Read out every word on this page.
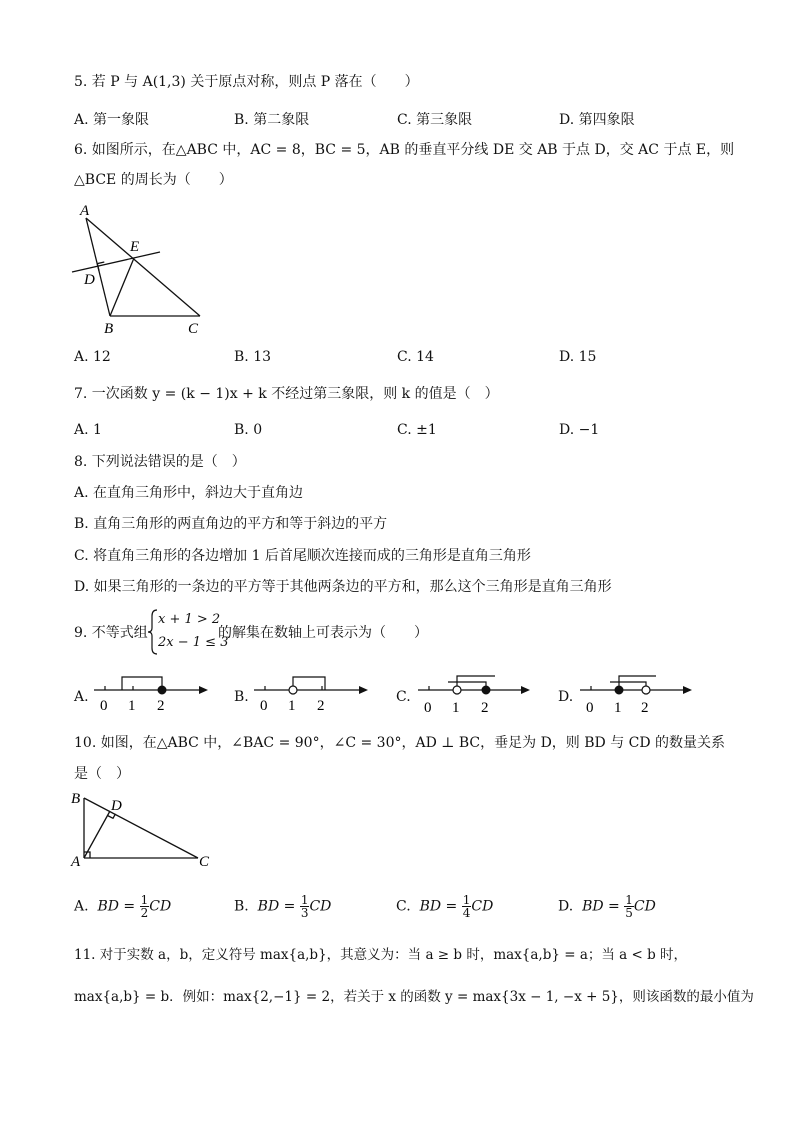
5. 若 P 与 A(1,3) 关于原点对称，则点 P 落在（　　）
A. 第一象限	B. 第二象限	C. 第三象限	D. 第四象限
6. 如图所示，在△ABC 中，AC = 8，BC = 5，AB 的垂直平分线 DE 交 AB 于点 D，交 AC 于点 E，则
△BCE 的周长为（　　）
A
B	C
D
E
A. 12	B. 13	C. 14	D. 15
7. 一次函数 y = (k − 1)x + k 不经过第三象限，则 k 的值是（　）
A. 1	B. 0	C. ±1	D. −1
8. 下列说法错误的是（　）
A. 在直角三角形中，斜边大于直角边
B. 直角三角形的两直角边的平方和等于斜边的平方
C. 将直角三角形的各边增加 1 后首尾顺次连接而成的三角形是直角三角形
D. 如果三角形的一条边的平方等于其他两条边的平方和，那么这个三角形是直角三角形
9. 不等式组
x + 1 > 2
2x − 1 ≤ 3
的解集在数轴上可表示为（　　）
A.
0 1 2
B.
0 1 2
C.
0 1 2
D.
0 1 2
10. 如图，在△ABC 中，∠BAC = 90°，∠C = 30°，AD ⊥ BC，垂足为 D，则 BD 与 CD 的数量关系
是（　）
B
A	C
D
A. BD = $\frac{1}{2}$ CD	B. BD = $\frac{1}{3}$ CD	C. BD = $\frac{1}{4}$ CD	D. BD = $\frac{1}{5}$ CD
11. 对于实数 a，b，定义符号 max{a,b}，其意义为：当 a ≥ b 时，max{a,b} = a；当 a < b 时，
max{a,b} = b．例如：max{2,−1} = 2，若关于 x 的函数 y = max{3x − 1, −x + 5}，则该函数的最小值为
